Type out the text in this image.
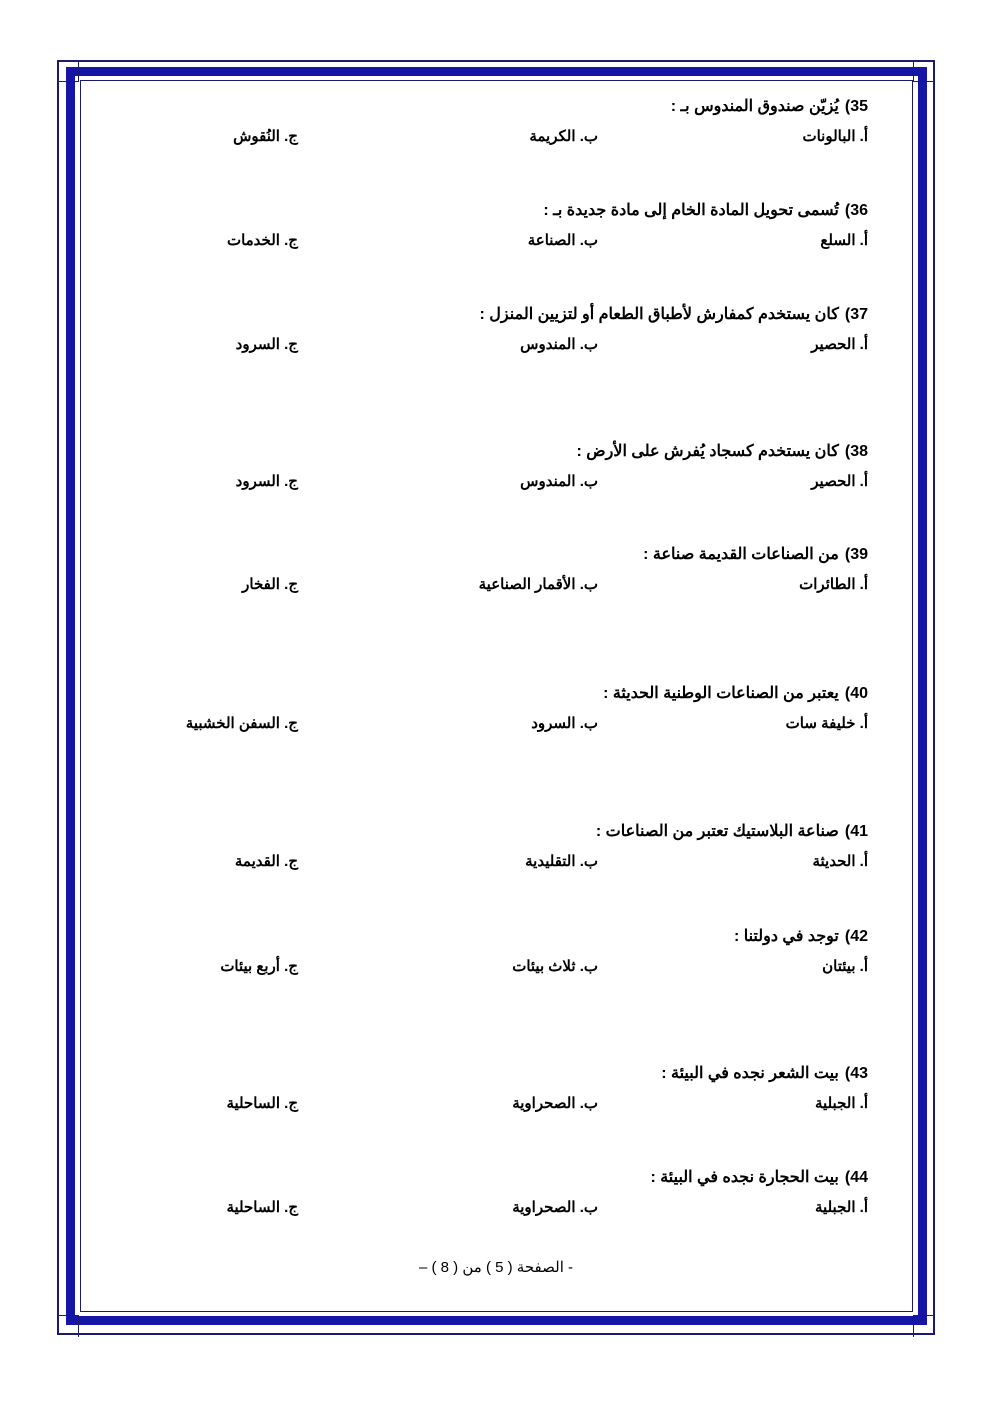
35)يُزيّن صندوق المندوس بـ :
أ. البالونات
ب. الكريمة
ج. النُقوش
36)تُسمى تحويل المادة الخام إلى مادة جديدة بـ :
أ. السلع
ب. الصناعة
ج. الخدمات
37)كان يستخدم كمفارش لأطباق الطعام أو لتزيين المنزل :
أ. الحصير
ب. المندوس
ج. السرود
38)كان يستخدم كسجاد يُفرش على الأرض :
أ. الحصير
ب. المندوس
ج. السرود
39)من الصناعات القديمة صناعة :
أ. الطائرات
ب. الأقمار الصناعية
ج. الفخار
40)يعتبر من الصناعات الوطنية الحديثة :
أ. خليفة سات
ب. السرود
ج. السفن الخشبية
41)صناعة البلاستيك تعتبر من الصناعات :
أ. الحديثة
ب. التقليدية
ج. القديمة
42)توجد في دولتنا :
أ. بيئتان
ب. ثلاث بيئات
ج. أربع بيئات
43)بيت الشعر نجده في البيئة :
أ. الجبلية
ب. الصحراوية
ج. الساحلية
44)بيت الحجارة نجده في البيئة :
أ. الجبلية
ب. الصحراوية
ج. الساحلية
- الصفحة ( 5 ) من ( 8 ) –
